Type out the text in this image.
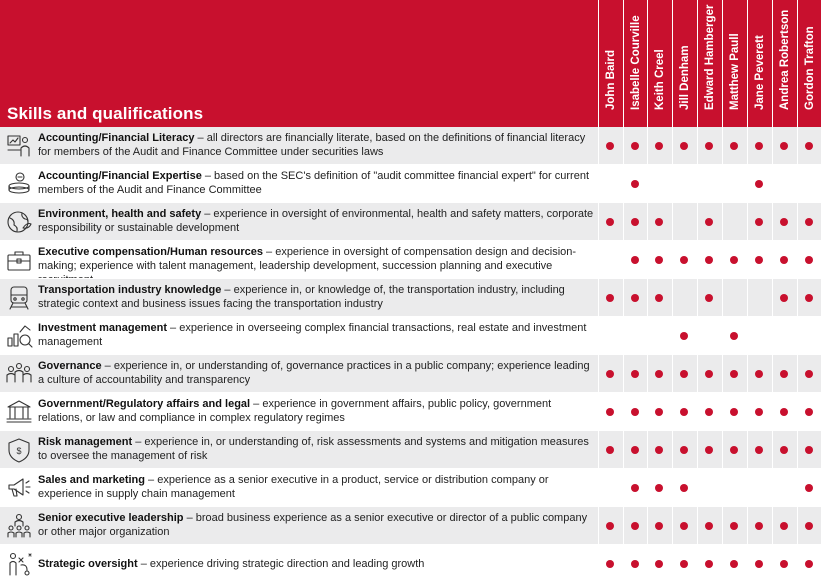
Skills and qualifications
John Baird Isabelle Courville Keith Creel Jill Denham Edward Hamberger Matthew Paull Jane Peverett Andrea Robertson Gordon Trafton
Accounting/Financial Literacy – all directors are financially literate, based on the definitions of financial literacy for members of the Audit and Finance Committee under securities laws
Accounting/Financial Expertise – based on the SEC's definition of "audit committee financial expert" for current members of the Audit and Finance Committee
Environment, health and safety – experience in oversight of environmental, health and safety matters, corporate responsibility or sustainable development
Executive compensation/Human resources – experience in oversight of compensation design and decision-making; experience with talent management, leadership development, succession planning and executive
Transportation industry knowledge – experience in, or knowledge of, the transportation industry, including strategic context and business issues facing the transportation industry
Investment management – experience in overseeing complex financial transactions, real estate and investment management
Governance – experience in, or understanding of, governance practices in a public company; experience leading a culture of accountability and transparency
Government/Regulatory affairs and legal – experience in government affairs, public policy, government relations, or law and compliance in complex regulatory regimes
$
Risk management – experience in, or understanding of, risk assessments and systems and mitigation measures to oversee the management of risk
Sales and marketing – experience as a senior executive in a product, service or distribution company or experience in supply chain management
Senior executive leadership – broad business experience as a senior executive or director of a public company or other major organization
Strategic oversight – experience driving strategic direction and leading growth
